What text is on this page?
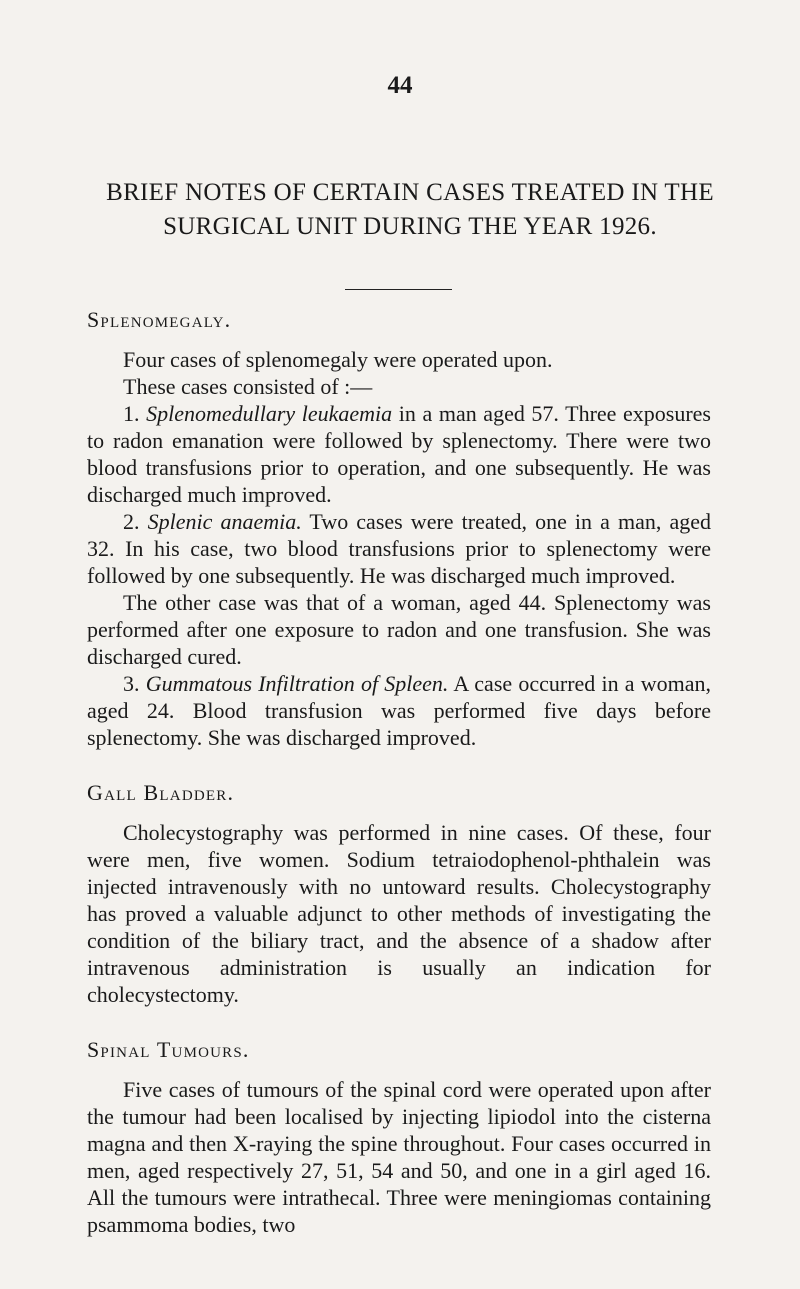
44
BRIEF NOTES OF CERTAIN CASES TREATED IN THE SURGICAL UNIT DURING THE YEAR 1926.
Splenomegaly.

Four cases of splenomegaly were operated upon.

These cases consisted of :—

1. Splenomedullary leukaemia in a man aged 57. Three exposures to radon emanation were followed by splenectomy. There were two blood transfusions prior to operation, and one subsequently. He was discharged much improved.

2. Splenic anaemia. Two cases were treated, one in a man, aged 32. In his case, two blood transfusions prior to splenectomy were followed by one subsequently. He was discharged much improved.

The other case was that of a woman, aged 44. Splenectomy was performed after one exposure to radon and one transfusion. She was discharged cured.

3. Gummatous Infiltration of Spleen. A case occurred in a woman, aged 24. Blood transfusion was performed five days before splenectomy. She was discharged improved.

Gall Bladder.

Cholecystography was performed in nine cases. Of these, four were men, five women. Sodium tetraiodophenol-phthalein was injected intravenously with no untoward results. Cholecystography has proved a valuable adjunct to other methods of investigating the condition of the biliary tract, and the absence of a shadow after intravenous administration is usually an indication for cholecystectomy.

Spinal Tumours.

Five cases of tumours of the spinal cord were operated upon after the tumour had been localised by injecting lipiodol into the cisterna magna and then X-raying the spine throughout. Four cases occurred in men, aged respectively 27, 51, 54 and 50, and one in a girl aged 16. All the tumours were intrathecal. Three were meningiomas containing psammoma bodies, two
